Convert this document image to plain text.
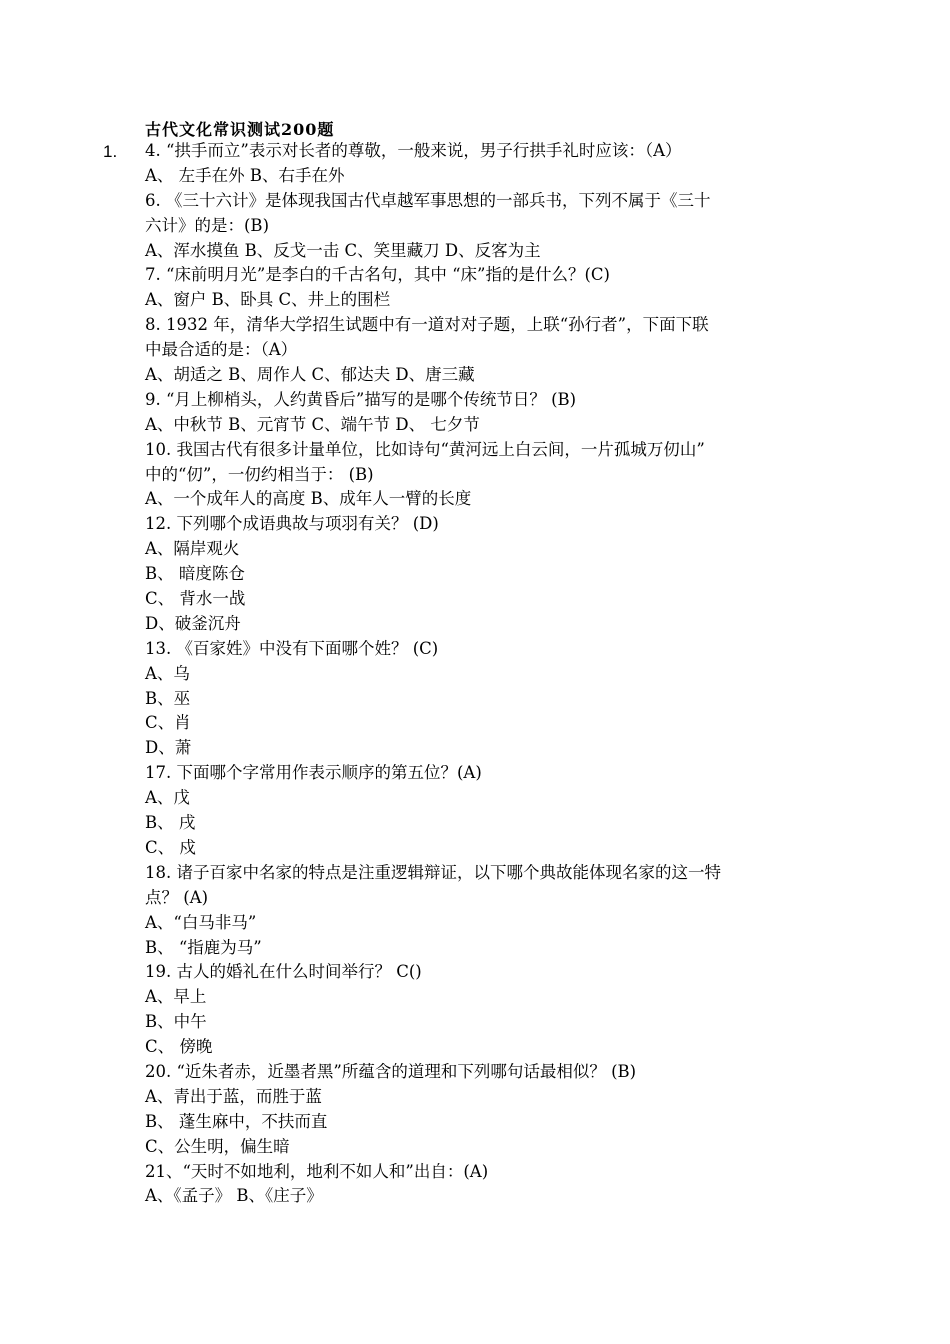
古代文化常识测试200题
1. 4. “拱手而立”表示对长者的尊敬，一般来说，男子行拱手礼时应该：（A）
A、 左手在外 B、右手在外
6. 《三十六计》是体现我国古代卓越军事思想的一部兵书，下列不属于《三十
六计》的是：(B)
A、浑水摸鱼 B、反戈一击 C、笑里藏刀 D、反客为主
7. “床前明月光”是李白的千古名句，其中 “床”指的是什么？(C)
A、窗户 B、卧具 C、井上的围栏
8. 1932 年，清华大学招生试题中有一道对对子题，上联“孙行者”，下面下联
中最合适的是：（A）
A、胡适之 B、周作人 C、郁达夫 D、唐三藏
9. “月上柳梢头，人约黄昏后”描写的是哪个传统节日？ (B)
A、中秋节 B、元宵节 C、端午节 D、 七夕节
10. 我国古代有很多计量单位，比如诗句“黄河远上白云间，一片孤城万仞山”
中的“仞”，一仞约相当于： (B)
A、一个成年人的高度 B、成年人一臂的长度
12. 下列哪个成语典故与项羽有关？ (D)
A、隔岸观火
B、 暗度陈仓
C、 背水一战
D、破釜沉舟
13. 《百家姓》中没有下面哪个姓？ (C)
A、乌
B、巫
C、肖
D、萧
17. 下面哪个字常用作表示顺序的第五位？(A)
A、戊
B、 戌
C、 戍
18. 诸子百家中名家的特点是注重逻辑辩证，以下哪个典故能体现名家的这一特
点？ (A)
A、“白马非马”
B、 “指鹿为马”
19. 古人的婚礼在什么时间举行？ C()
A、早上
B、中午
C、 傍晚
20. “近朱者赤，近墨者黑”所蕴含的道理和下列哪句话最相似？ (B)
A、青出于蓝，而胜于蓝
B、 蓬生麻中，不扶而直
C、公生明，偏生暗
21、“天时不如地利，地利不如人和”出自：(A)
A、《孟子》 B、《庄子》
